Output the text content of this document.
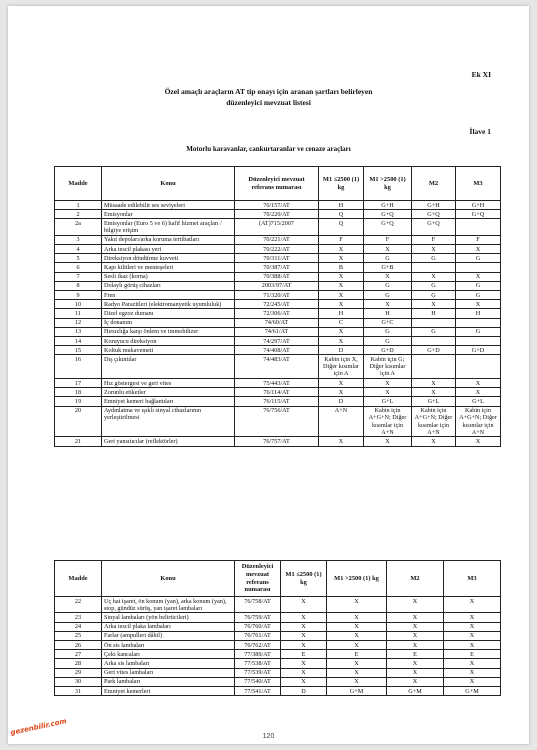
Ek XI
Özel amaçlı araçların AT tip onayı için aranan şartları belirleyen
düzenleyici mevzuat listesi
İlave 1
Motorlu karavanlar, cankurtaranlar ve cenaze araçları
Madde	Konu	Düzenleyici mevzuat referans numarası	M1 ≤2500 (1) kg	M1 >2500 (1) kg	M2	M3
1	Müsaade edilebilir ses seviyeleri	70/157/AT	H	G+H	G+H	G+H
2	Emisyonlar	70/220/AT	Q	G+Q	G+Q	G+Q
2a	Emisyonlar (Euro 5 ve 6) hafif hizmet araçları / bilgiye erişim	(AT)715/2007	Q	G+Q	G+Q	
3	Yakıt depoları/arka koruma tertibatları	70/221/AT	F	F	F	F
4	Arka tescil plakası yeri	70/222/AT	X	X	X	X
5	Direksiyon döndürme kuvveti	70/311/AT	X	G	G	G
6	Kapı kilitleri ve menteşeleri	70/387/AT	B	G+B		
7	Sesli ikaz (korna)	70/388/AT	X	X	X	X
8	Dolaylı görüş cihazları	2003/97/AT	X	G	G	G
9	Fren	71/320/AT	X	G	G	G
10	Radyo Parazitleri (elektromanyetik uyumluluk)	72/245/AT	X	X	X	X
11	Dizel egzoz dumanı	72/306/AT	H	H	H	H
12	İç donanım	74/60/AT	C	G+C		
13	Hırsızlığa karşı önlem ve immobilizer	74/61/AT	X	G	G	G
14	Koruyucu direksiyon	74/297/AT	X	G		
15	Koltuk mukavemeti	74/408/AT	D	G+D	G+D	G+D
16	Dış çıkıntılar	74/483/AT	Kabin için X, Diğer kısımlar için A	Kabin için G; Diğer kısımlar için A		
17	Hız göstergesi ve geri vites	75/443/AT	X	X	X	X
18	Zorunlu etiketler	76/114/AT	X	X	X	X
19	Emniyet kemeri bağlantıları	76/115/AT	D	G+L	G+L	G+L
20	Aydınlatma ve ışıklı sinyal cihazlarının yerleştirilmesi	76/756/AT	A+N	Kabin için A+G+N; Diğer kısımlar için A+N	Kabin için A+G+N; Diğer kısımlar için A+N	Kabin için A+G+N; Diğer kısımlar için A+N
21	Geri yansıtıcılar (reflektörler)	76/757/AT	X	X	X	X
Madde	Konu	Düzenleyici mevzuat referans numarası	M1 ≤2500 (1) kg	M1 >2500 (1) kg	M2	M3
22	Uç hat işaret, ön konum (yan), arka konum (yan), stop, gündüz sürüş, yan işaret lambaları	76/758/AT	X	X	X	X
23	Sinyal lambaları (yön belirticileri)	76/759/AT	X	X	X	X
24	Arka tescil plaka lambaları	76/760/AT	X	X	X	X
25	Farlar (ampulleri dâhil)	76/761/AT	X	X	X	X
26	Ön sis lambaları	76/762/AT	X	X	X	X
27	Çeki kancaları	77/389/AT	E	E	E	E
28	Arka sis lambaları	77/538/AT	X	X	X	X
29	Geri vites lambaları	77/539/AT	X	X	X	X
30	Park lambaları	77/540/AT	X	X	X	X
31	Emniyet kemerleri	77/541/AT	D	G+M	G+M	G+M
120
gezenbilir.com
